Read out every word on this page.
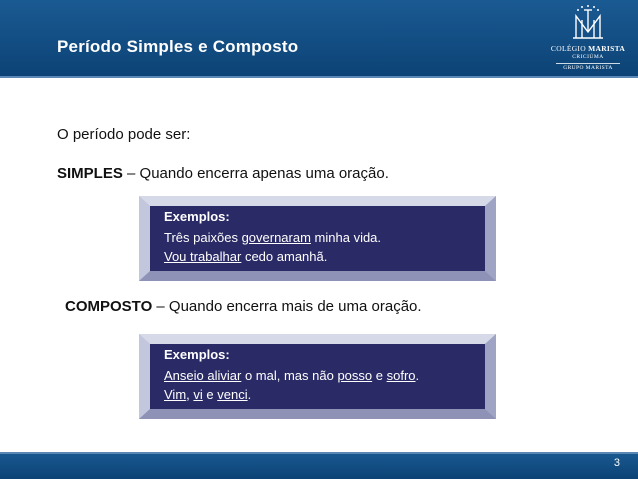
Período Simples e Composto	COLÉGIO MARISTA
CRICIÚMA
GRUPO MARISTA
O período pode ser:
SIMPLES – Quando encerra apenas uma oração.
Exemplos:
Três paixões governaram minha vida.
Vou trabalhar cedo amanhã.
COMPOSTO – Quando encerra mais de uma oração.
Exemplos:
Anseio aliviar o mal, mas não posso e sofro.
Vim, vi e venci.
3
